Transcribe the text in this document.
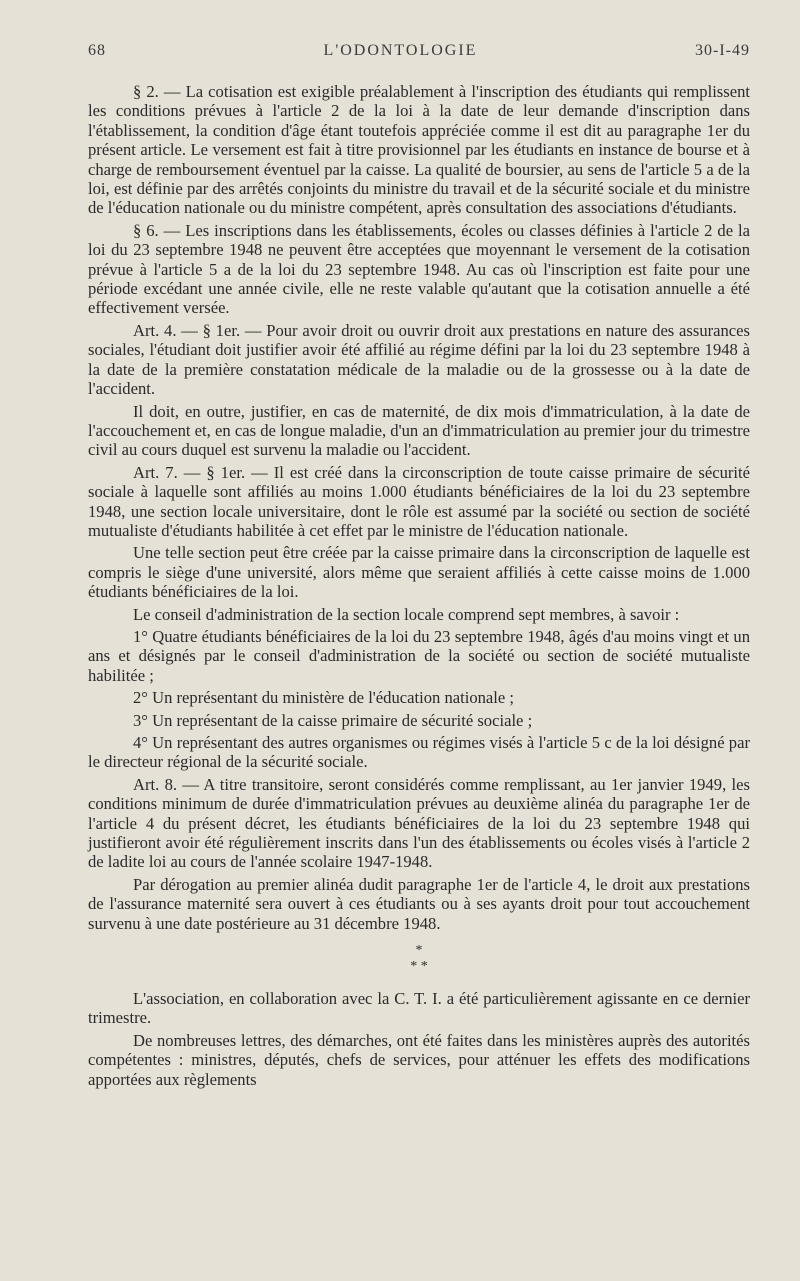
68	L'ODONTOLOGIE	30-I-49

§ 2. — La cotisation est exigible préalablement à l'inscription des étudiants qui remplissent les conditions prévues à l'article 2 de la loi à la date de leur demande d'inscription dans l'établissement, la condition d'âge étant toutefois appréciée comme il est dit au paragraphe 1er du présent article. Le versement est fait à titre provisionnel par les étudiants en instance de bourse et à charge de remboursement éventuel par la caisse. La qualité de boursier, au sens de l'article 5 a de la loi, est définie par des arrêtés conjoints du ministre du travail et de la sécurité sociale et du ministre de l'éducation nationale ou du ministre compétent, après consultation des associations d'étudiants.

§ 6. — Les inscriptions dans les établissements, écoles ou classes définies à l'article 2 de la loi du 23 septembre 1948 ne peuvent être acceptées que moyennant le versement de la cotisation prévue à l'article 5 a de la loi du 23 septembre 1948. Au cas où l'inscription est faite pour une période excédant une année civile, elle ne reste valable qu'autant que la cotisation annuelle a été effectivement versée.

Art. 4. — § 1er. — Pour avoir droit ou ouvrir droit aux prestations en nature des assurances sociales, l'étudiant doit justifier avoir été affilié au régime défini par la loi du 23 septembre 1948 à la date de la première constatation médicale de la maladie ou de la grossesse ou à la date de l'accident.

Il doit, en outre, justifier, en cas de maternité, de dix mois d'immatriculation, à la date de l'accouchement et, en cas de longue maladie, d'un an d'immatriculation au premier jour du trimestre civil au cours duquel est survenu la maladie ou l'accident.

Art. 7. — § 1er. — Il est créé dans la circonscription de toute caisse primaire de sécurité sociale à laquelle sont affiliés au moins 1.000 étudiants bénéficiaires de la loi du 23 septembre 1948, une section locale universitaire, dont le rôle est assumé par la société ou section de société mutualiste d'étudiants habilitée à cet effet par le ministre de l'éducation nationale.

Une telle section peut être créée par la caisse primaire dans la circonscription de laquelle est compris le siège d'une université, alors même que seraient affiliés à cette caisse moins de 1.000 étudiants bénéficiaires de la loi.

Le conseil d'administration de la section locale comprend sept membres, à savoir :

1° Quatre étudiants bénéficiaires de la loi du 23 septembre 1948, âgés d'au moins vingt et un ans et désignés par le conseil d'administration de la société ou section de société mutualiste habilitée ;

2° Un représentant du ministère de l'éducation nationale ;

3° Un représentant de la caisse primaire de sécurité sociale ;

4° Un représentant des autres organismes ou régimes visés à l'article 5 c de la loi désigné par le directeur régional de la sécurité sociale.

Art. 8. — A titre transitoire, seront considérés comme remplissant, au 1er janvier 1949, les conditions minimum de durée d'immatriculation prévues au deuxième alinéa du paragraphe 1er de l'article 4 du présent décret, les étudiants bénéficiaires de la loi du 23 septembre 1948 qui justifieront avoir été régulièrement inscrits dans l'un des établissements ou écoles visés à l'article 2 de ladite loi au cours de l'année scolaire 1947-1948.

Par dérogation au premier alinéa dudit paragraphe 1er de l'article 4, le droit aux prestations de l'assurance maternité sera ouvert à ces étudiants ou à ses ayants droit pour tout accouchement survenu à une date postérieure au 31 décembre 1948.

*
* *

L'association, en collaboration avec la C. T. I. a été particulièrement agissante en ce dernier trimestre.

De nombreuses lettres, des démarches, ont été faites dans les ministères auprès des autorités compétentes : ministres, députés, chefs de services, pour atténuer les effets des modifications apportées aux règlements
